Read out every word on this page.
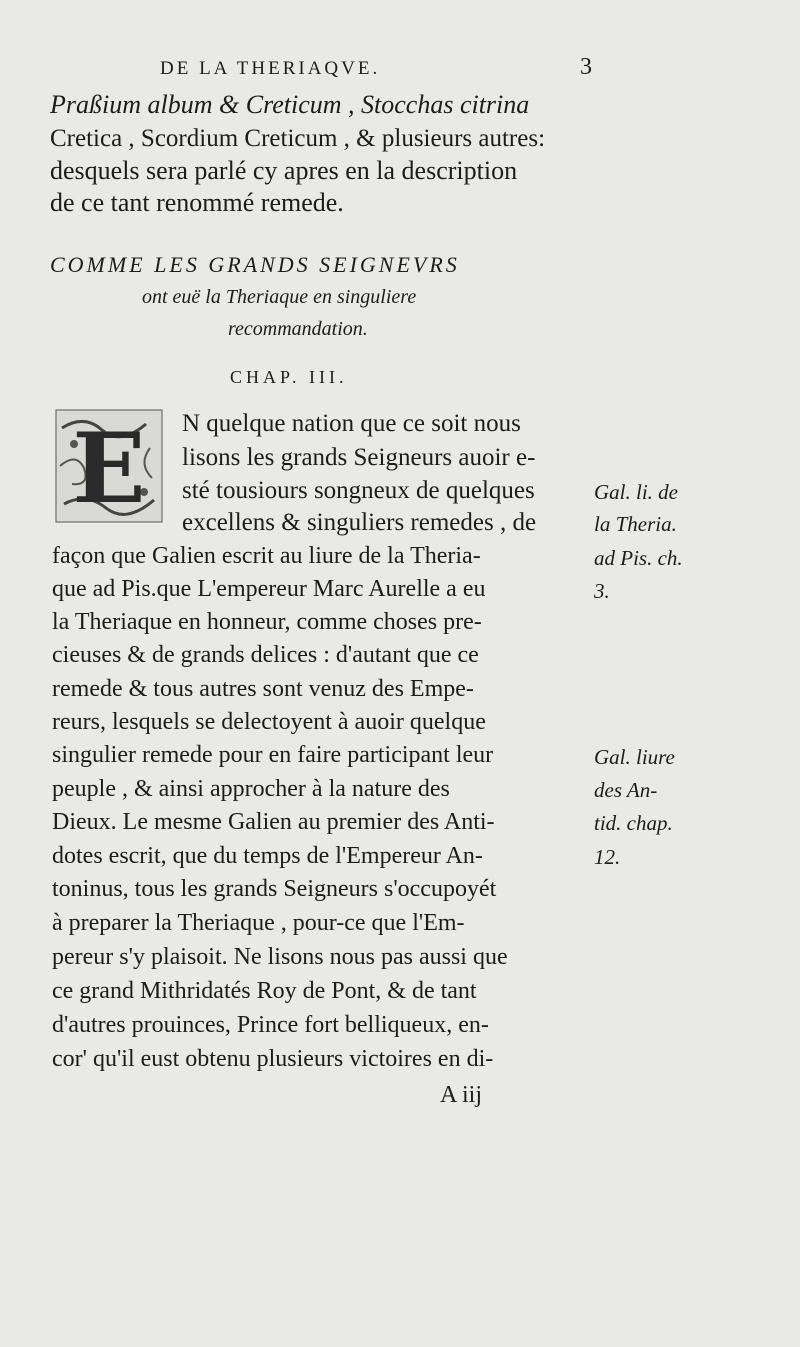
DE LA THERIAQVE.	3
Praßium album & Creticum , Stocchas citrina
Cretica , Scordium Creticum , & plusieurs autres:
desquels sera parlé cy apres en la description
de ce tant renommé remede.
COMME LES GRANDS SEIGNEVRS
ont euë la Theriaque en singuliere
recommandation.
CHAP. III.
E N quelque nation que ce soit nous
lisons les grands Seigneurs auoir e-
sté tousiours songneux de quelques
excellens & singuliers remedes , de
façon que Galien escrit au liure de la Theria-
que ad Pis.que L'empereur Marc Aurelle a eu
la Theriaque en honneur, comme choses pre-
cieuses & de grands delices : d'autant que ce
remede & tous autres sont venuz des Empe-
reurs, lesquels se delectoyent à auoir quelque
singulier remede pour en faire participant leur
peuple , & ainsi approcher à la nature des
Dieux. Le mesme Galien au premier des Anti-
dotes escrit, que du temps de l'Empereur An-
toninus, tous les grands Seigneurs s'occupoyét
à preparer la Theriaque , pour-ce que l'Em-
pereur s'y plaisoit. Ne lisons nous pas aussi que
ce grand Mithridatés Roy de Pont, & de tant
d'autres prouinces, Prince fort belliqueux, en-
cor' qu'il eust obtenu plusieurs victoires en di-
Gal. li. de
la Theria.
ad Pis. ch.
3.
Gal. liure
des An-
tid. chap.
12.
A iij
